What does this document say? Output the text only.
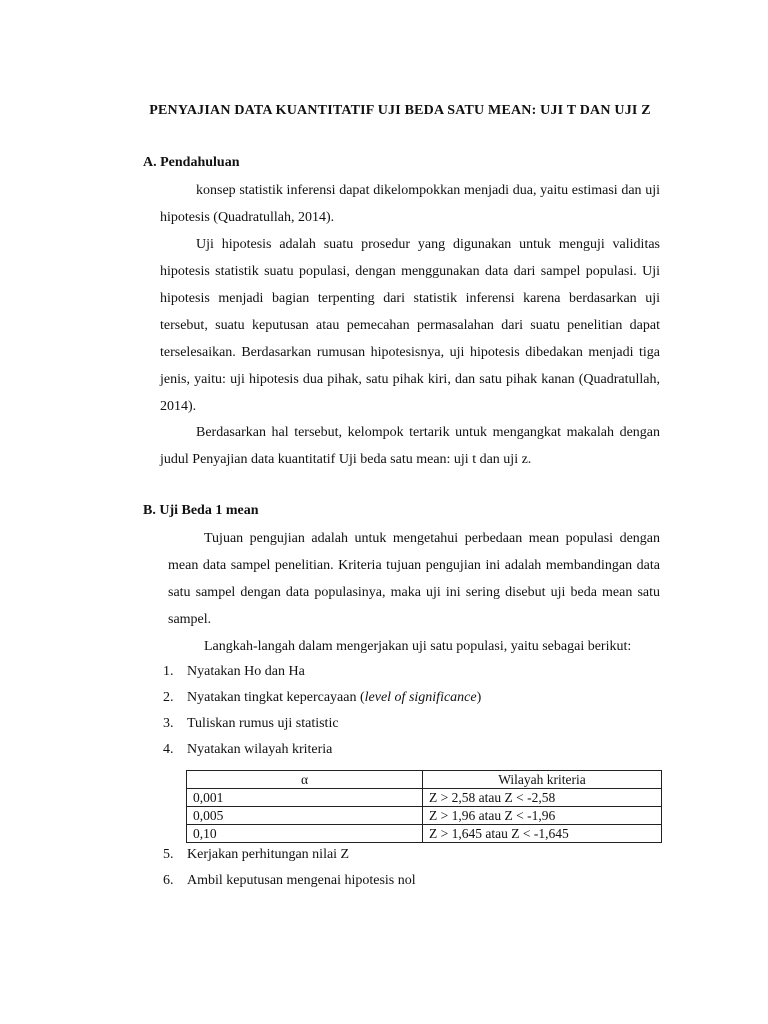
PENYAJIAN DATA KUANTITATIF UJI BEDA SATU MEAN: UJI T DAN UJI Z
A. Pendahuluan
konsep statistik inferensi dapat dikelompokkan menjadi dua, yaitu estimasi dan uji hipotesis (Quadratullah, 2014).
Uji hipotesis adalah suatu prosedur yang digunakan untuk menguji validitas hipotesis statistik suatu populasi, dengan menggunakan data dari sampel populasi. Uji hipotesis menjadi bagian terpenting dari statistik inferensi karena berdasarkan uji tersebut, suatu keputusan atau pemecahan permasalahan dari suatu penelitian dapat terselesaikan. Berdasarkan rumusan hipotesisnya, uji hipotesis dibedakan menjadi tiga jenis, yaitu: uji hipotesis dua pihak, satu pihak kiri, dan satu pihak kanan (Quadratullah, 2014).
Berdasarkan hal tersebut, kelompok tertarik untuk mengangkat makalah dengan judul Penyajian data kuantitatif Uji beda satu mean: uji t dan uji z.
B. Uji Beda 1 mean
Tujuan pengujian adalah untuk mengetahui perbedaan mean populasi dengan mean data sampel penelitian. Kriteria tujuan pengujian ini adalah membandingan data satu sampel dengan data populasinya, maka uji ini sering disebut uji beda mean satu sampel.
Langkah-langah dalam mengerjakan uji satu populasi, yaitu sebagai berikut:
1. Nyatakan Ho dan Ha
2. Nyatakan tingkat kepercayaan (level of significance)
3. Tuliskan rumus uji statistic
4. Nyatakan wilayah kriteria
α	Wilayah kriteria
0,001	Z > 2,58 atau Z < -2,58
0,005	Z > 1,96 atau Z < -1,96
0,10	Z > 1,645 atau Z < -1,645
5. Kerjakan perhitungan nilai Z
6. Ambil keputusan mengenai hipotesis nol
